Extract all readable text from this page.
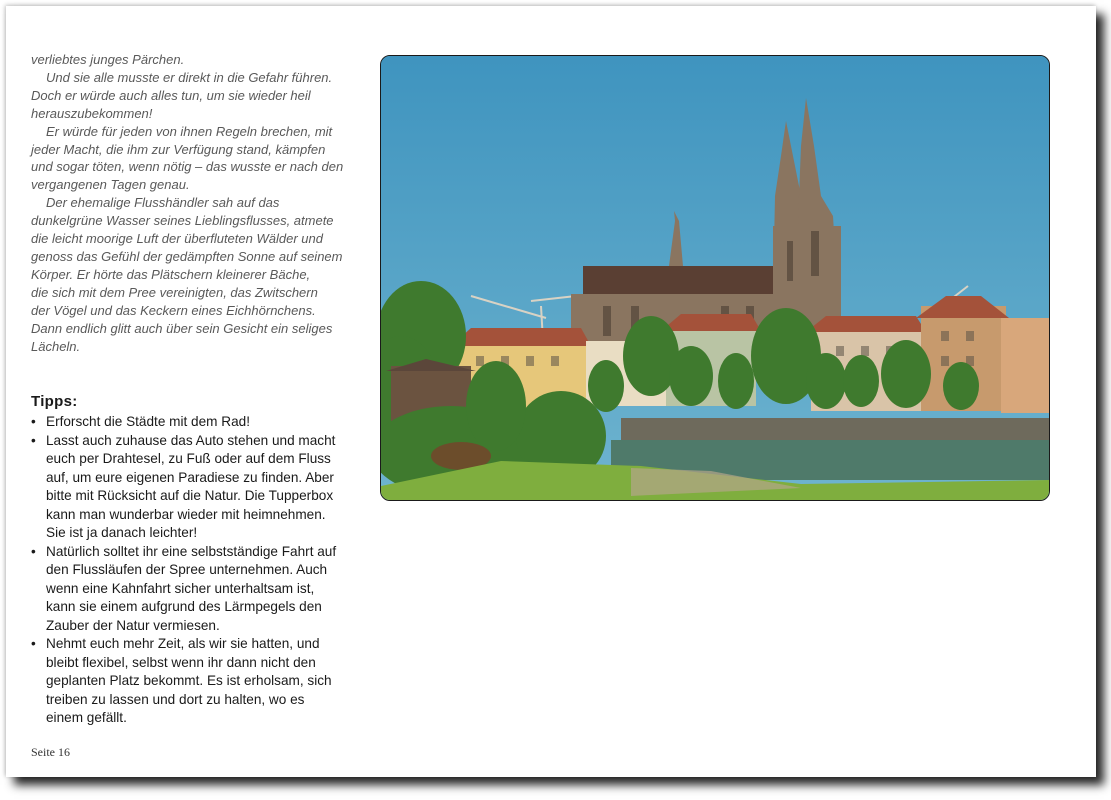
verliebtes junges Pärchen.

Und sie alle musste er direkt in die Gefahr führen.

Doch er würde auch alles tun, um sie wieder heil

herauszubekommen!

Er würde für jeden von ihnen Regeln brechen, mit

jeder Macht, die ihm zur Verfügung stand, kämpfen

und sogar töten, wenn nötig – das wusste er nach den

vergangenen Tagen genau.

Der ehemalige Flusshändler sah auf das

dunkelgrüne Wasser seines Lieblingsflusses, atmete

die leicht moorige Luft der überfluteten Wälder und

genoss das Gefühl der gedämpften Sonne auf seinem

Körper. Er hörte das Plätschern kleinerer Bäche,

die sich mit dem Pree vereinigten, das Zwitschern

der Vögel und das Keckern eines Eichhörnchens.

Dann endlich glitt auch über sein Gesicht ein seliges

Lächeln.

Tipps:
• Erforscht die Städte mit dem Rad!
• Lasst auch zuhause das Auto stehen und macht
euch per Drahtesel, zu Fuß oder auf dem Fluss
auf, um eure eigenen Paradiese zu finden. Aber
bitte mit Rücksicht auf die Natur. Die Tupperbox
kann man wunderbar wieder mit heimnehmen.
Sie ist ja danach leichter!
• Natürlich solltet ihr eine selbstständige Fahrt auf
den Flussläufen der Spree unternehmen. Auch
wenn eine Kahnfahrt sicher unterhaltsam ist,
kann sie einem aufgrund des Lärmpegels den
Zauber der Natur vermiesen.
• Nehmt euch mehr Zeit, als wir sie hatten, und
bleibt flexibel, selbst wenn ihr dann nicht den
geplanten Platz bekommt. Es ist erholsam, sich
treiben zu lassen und dort zu halten, wo es
einem gefällt.
Seite 16
